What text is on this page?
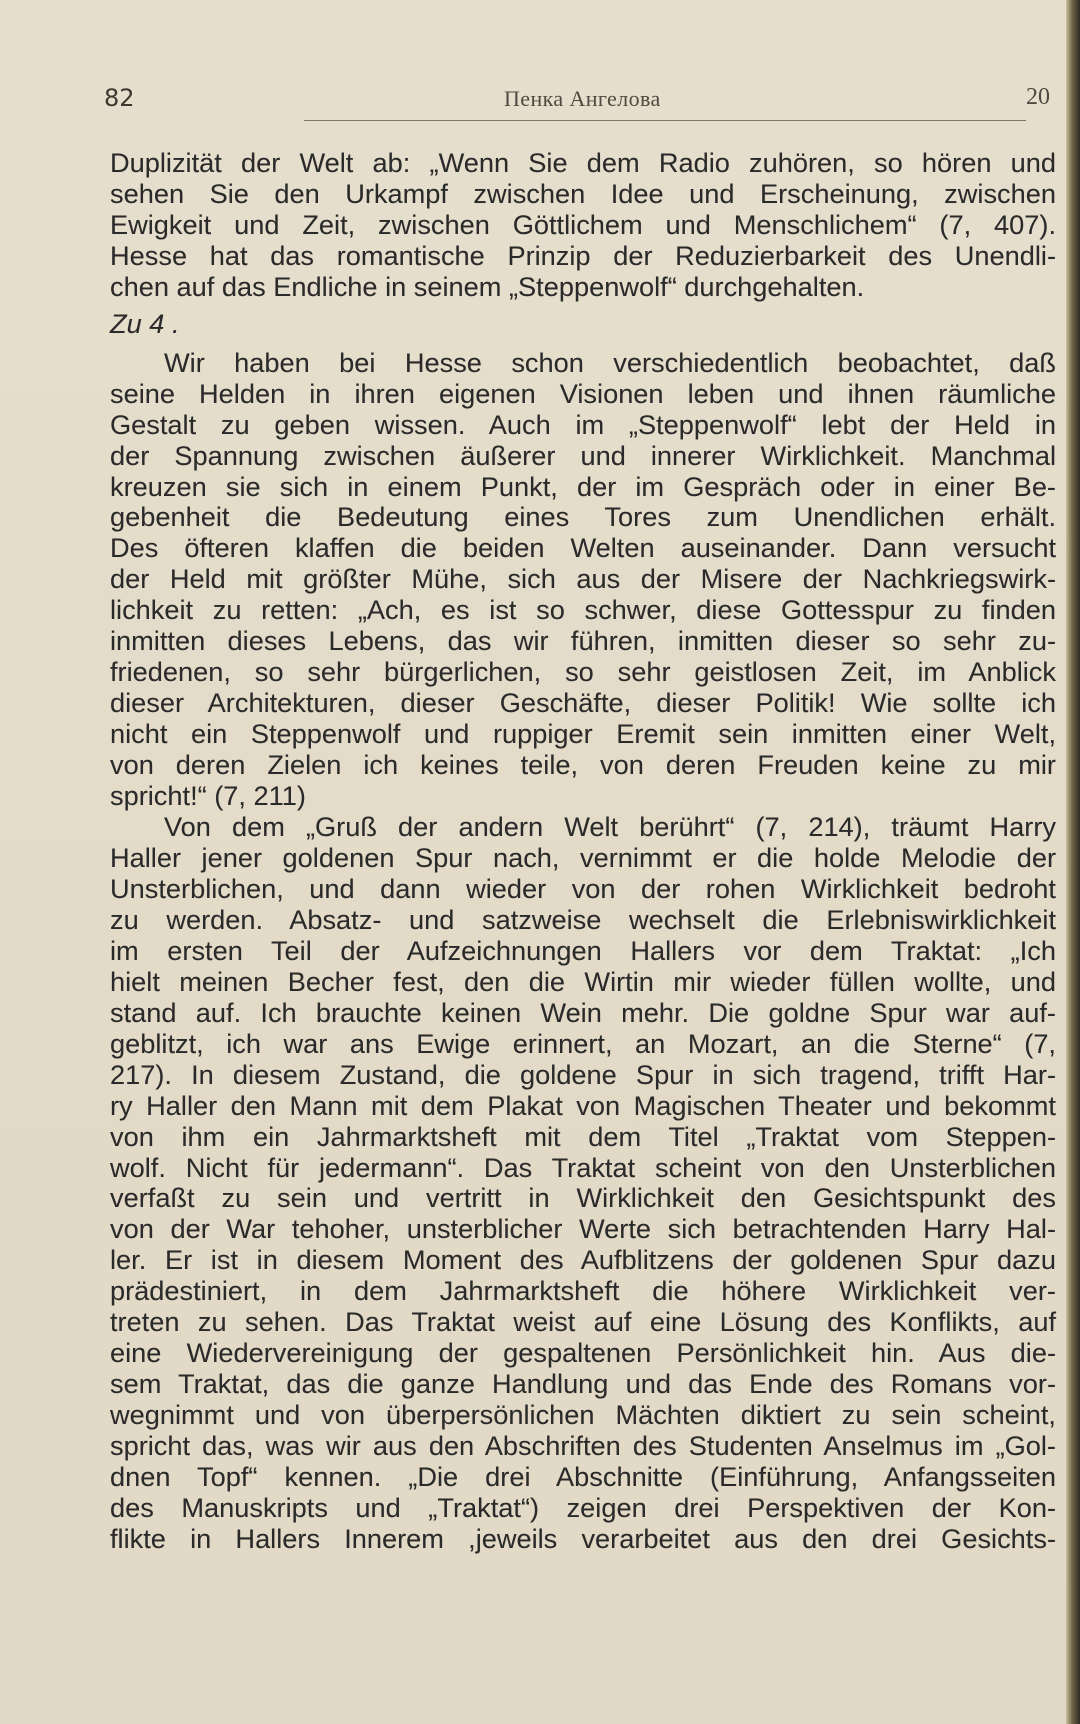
82	Пенка Ангелова	20
Duplizität der Welt ab: „Wenn Sie dem Radio zuhören, so hören und
sehen Sie den Urkampf zwischen Idee und Erscheinung, zwischen
Ewigkeit und Zeit, zwischen Göttlichem und Menschlichem“ (7, 407).
Hesse hat das romantische Prinzip der Reduzierbarkeit des Unendli-
chen auf das Endliche in seinem „Steppenwolf“ durchgehalten.
Zu 4 .
Wir haben bei Hesse schon verschiedentlich beobachtet, daß
seine Helden in ihren eigenen Visionen leben und ihnen räumliche
Gestalt zu geben wissen. Auch im „Steppenwolf“ lebt der Held in
der Spannung zwischen äußerer und innerer Wirklichkeit. Manchmal
kreuzen sie sich in einem Punkt, der im Gespräch oder in einer Be-
gebenheit die Bedeutung eines Tores zum Unendlichen erhält.
Des öfteren klaffen die beiden Welten auseinander. Dann versucht
der Held mit größter Mühe, sich aus der Misere der Nachkriegswirk-
lichkeit zu retten: „Ach, es ist so schwer, diese Gottesspur zu finden
inmitten dieses Lebens, das wir führen, inmitten dieser so sehr zu-
friedenen, so sehr bürgerlichen, so sehr geistlosen Zeit, im Anblick
dieser Architekturen, dieser Geschäfte, dieser Politik! Wie sollte ich
nicht ein Steppenwolf und ruppiger Eremit sein inmitten einer Welt,
von deren Zielen ich keines teile, von deren Freuden keine zu mir
spricht!“ (7, 211)
Von dem „Gruß der andern Welt berührt“ (7, 214), träumt Harry
Haller jener goldenen Spur nach, vernimmt er die holde Melodie der
Unsterblichen, und dann wieder von der rohen Wirklichkeit bedroht
zu werden. Absatz- und satzweise wechselt die Erlebniswirklichkeit
im ersten Teil der Aufzeichnungen Hallers vor dem Traktat: „Ich
hielt meinen Becher fest, den die Wirtin mir wieder füllen wollte, und
stand auf. Ich brauchte keinen Wein mehr. Die goldne Spur war auf-
geblitzt, ich war ans Ewige erinnert, an Mozart, an die Sterne“ (7,
217). In diesem Zustand, die goldene Spur in sich tragend, trifft Har-
ry Haller den Mann mit dem Plakat von Magischen Theater und bekommt
von ihm ein Jahrmarktsheft mit dem Titel „Traktat vom Steppen-
wolf. Nicht für jedermann“. Das Traktat scheint von den Unsterblichen
verfaßt zu sein und vertritt in Wirklichkeit den Gesichtspunkt des
von der War tehoher, unsterblicher Werte sich betrachtenden Harry Hal-
ler. Er ist in diesem Moment des Aufblitzens der goldenen Spur dazu
prädestiniert, in dem Jahrmarktsheft die höhere Wirklichkeit ver-
treten zu sehen. Das Traktat weist auf eine Lösung des Konflikts, auf
eine Wiedervereinigung der gespaltenen Persönlichkeit hin. Aus die-
sem Traktat, das die ganze Handlung und das Ende des Romans vor-
wegnimmt und von überpersönlichen Mächten diktiert zu sein scheint,
spricht das, was wir aus den Abschriften des Studenten Anselmus im „Gol-
dnen Topf“ kennen. „Die drei Abschnitte (Einführung, Anfangsseiten
des Manuskripts und „Traktat“) zeigen drei Perspektiven der Kon-
flikte in Hallers Innerem ,jeweils verarbeitet aus den drei Gesichts-
